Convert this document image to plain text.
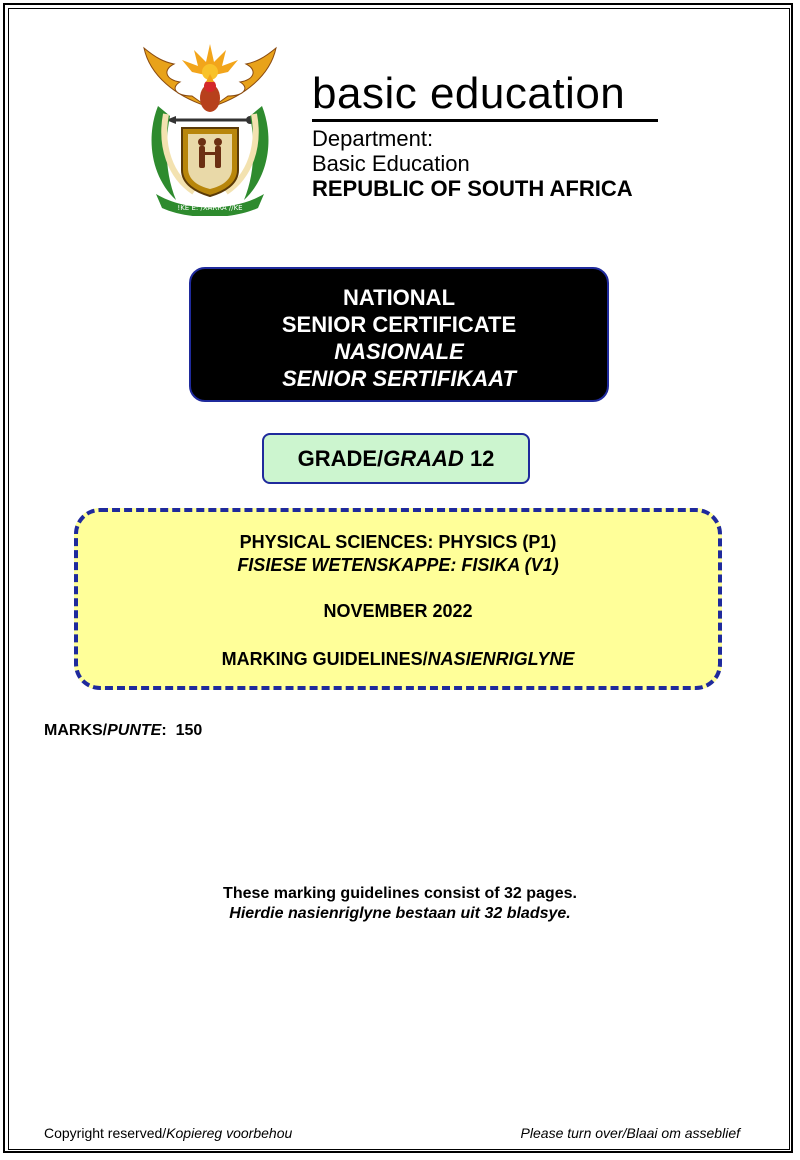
!KE E: /XARRA //KE
basic education
Department:
Basic Education
REPUBLIC OF SOUTH AFRICA
NATIONAL
SENIOR CERTIFICATE
NASIONALE
SENIOR SERTIFIKAAT
GRADE/GRAAD 12
PHYSICAL SCIENCES: PHYSICS (P1)
FISIESE WETENSKAPPE: FISIKA (V1)
NOVEMBER 2022
MARKING GUIDELINES/NASIENRIGLYNE
MARKS/PUNTE: 150
These marking guidelines consist of 32 pages.
Hierdie nasienriglyne bestaan uit 32 bladsye.
Copyright reserved/Kopiereg voorbehou	Please turn over/Blaai om asseblief
